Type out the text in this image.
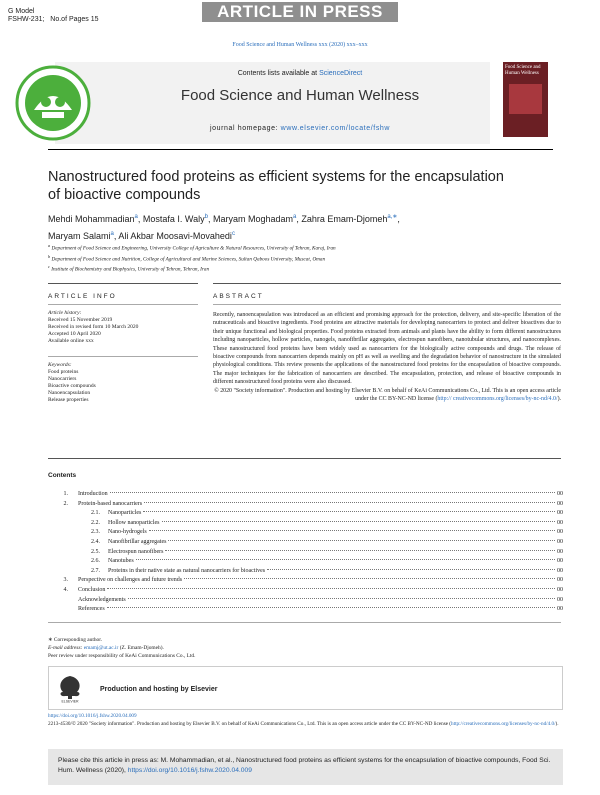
G Model
FSHW-231; No.of Pages 15	ARTICLE IN PRESS
Food Science and Human Wellness xxx (2020) xxx–xxx
Contents lists available at ScienceDirect
Food Science and Human Wellness
journal homepage: www.elsevier.com/locate/fshw
Food Science and Human Wellness
Nanostructured food proteins as efficient systems for the encapsulation of bioactive compounds
Mehdi Mohammadian$^a$, Mostafa I. Waly$^b$, Maryam Moghadam$^a$, Zahra Emam-Djomeh$^{a,∗}$,
Maryam Salami$^a$, Ali Akbar Moosavi-Movahedi$^c$
$^a$ Department of Food Science and Engineering, University College of Agriculture & Natural Resources, University of Tehran, Karaj, Iran
$^b$ Department of Food Science and Nutrition, College of Agricultural and Marine Sciences, Sultan Qaboos University, Muscat, Oman
$^c$ Institute of Biochemistry and Biophysics, University of Tehran, Tehran, Iran
ARTICLE INFO
Article history:
Received 15 November 2019
Received in revised form 10 March 2020
Accepted 10 April 2020
Available online xxx
Keywords:
Food proteins
Nanocarriers
Bioactive compounds
Nanoencapsulation
Release properties
ABSTRACT
Recently, nanoencapsulation was introduced as an efficient and promising approach for the protection, delivery, and site-specific liberation of the nutraceuticals and bioactive ingredients. Food proteins are attractive materials for developing nanocarriers to protect and deliver bioactives due to their unique functional and biological properties. Food proteins extracted from animals and plants have the ability to form different nanostructures including nanoparticles, hollow particles, nanogels, nanofibrillar aggregates, electrospun nanofibers, nanotubular structures, and nanocomplexes. These nanostructured food proteins have been widely used as nanocarriers for the biologically active compounds and drugs. The release of bioactive compounds from nanocarriers depends mainly on pH as well as swelling and the degradation behavior of nanostructure in the simulated physiological conditions. This review presents the applications of the nanostructured food proteins for the encapsulation of bioactive compounds. The major techniques for the fabrication of nanocarriers are described. The encapsulation, protection, and release of bioactive compounds in different nanostructured food proteins were also discussed.
© 2020 "Society information". Production and hosting by Elsevier B.V. on behalf of KeAi Communications Co., Ltd. This is an open access article under the CC BY-NC-ND license (http:// creativecommons.org/licenses/by-nc-nd/4.0/).
Contents
1. Introduction	00
2. Protein-based nanocarriers	00
2.1. Nanoparticles	00
2.2. Hollow nanoparticles	00
2.3. Nano-hydrogels	00
2.4. Nanofibrillar aggregates	00
2.5. Electrospun nanofibers	00
2.6. Nanotubes	00
2.7. Proteins in their native state as natural nanocarriers for bioactives	00
3. Perspective on challenges and future trends	00
4. Conclusion	00
Acknowledgements	00
References	00
∗ Corresponding author.
E-mail address: emamj@ut.ac.ir (Z. Emam-Djomeh).
Peer review under responsibility of KeAi Communications Co., Ltd.
ELSEVIER
Production and hosting by Elsevier
https://doi.org/10.1016/j.fshw.2020.04.009
2213-4530/© 2020 "Society information". Production and hosting by Elsevier B.V. on behalf of KeAi Communications Co., Ltd. This is an open access article under the CC BY-NC-ND license (http://creativecommons.org/licenses/by-nc-nd/4.0/).
Please cite this article in press as: M. Mohammadian, et al., Nanostructured food proteins as efficient systems for the encapsulation of bioactive compounds, Food Sci. Hum. Wellness (2020), https://doi.org/10.1016/j.fshw.2020.04.009
